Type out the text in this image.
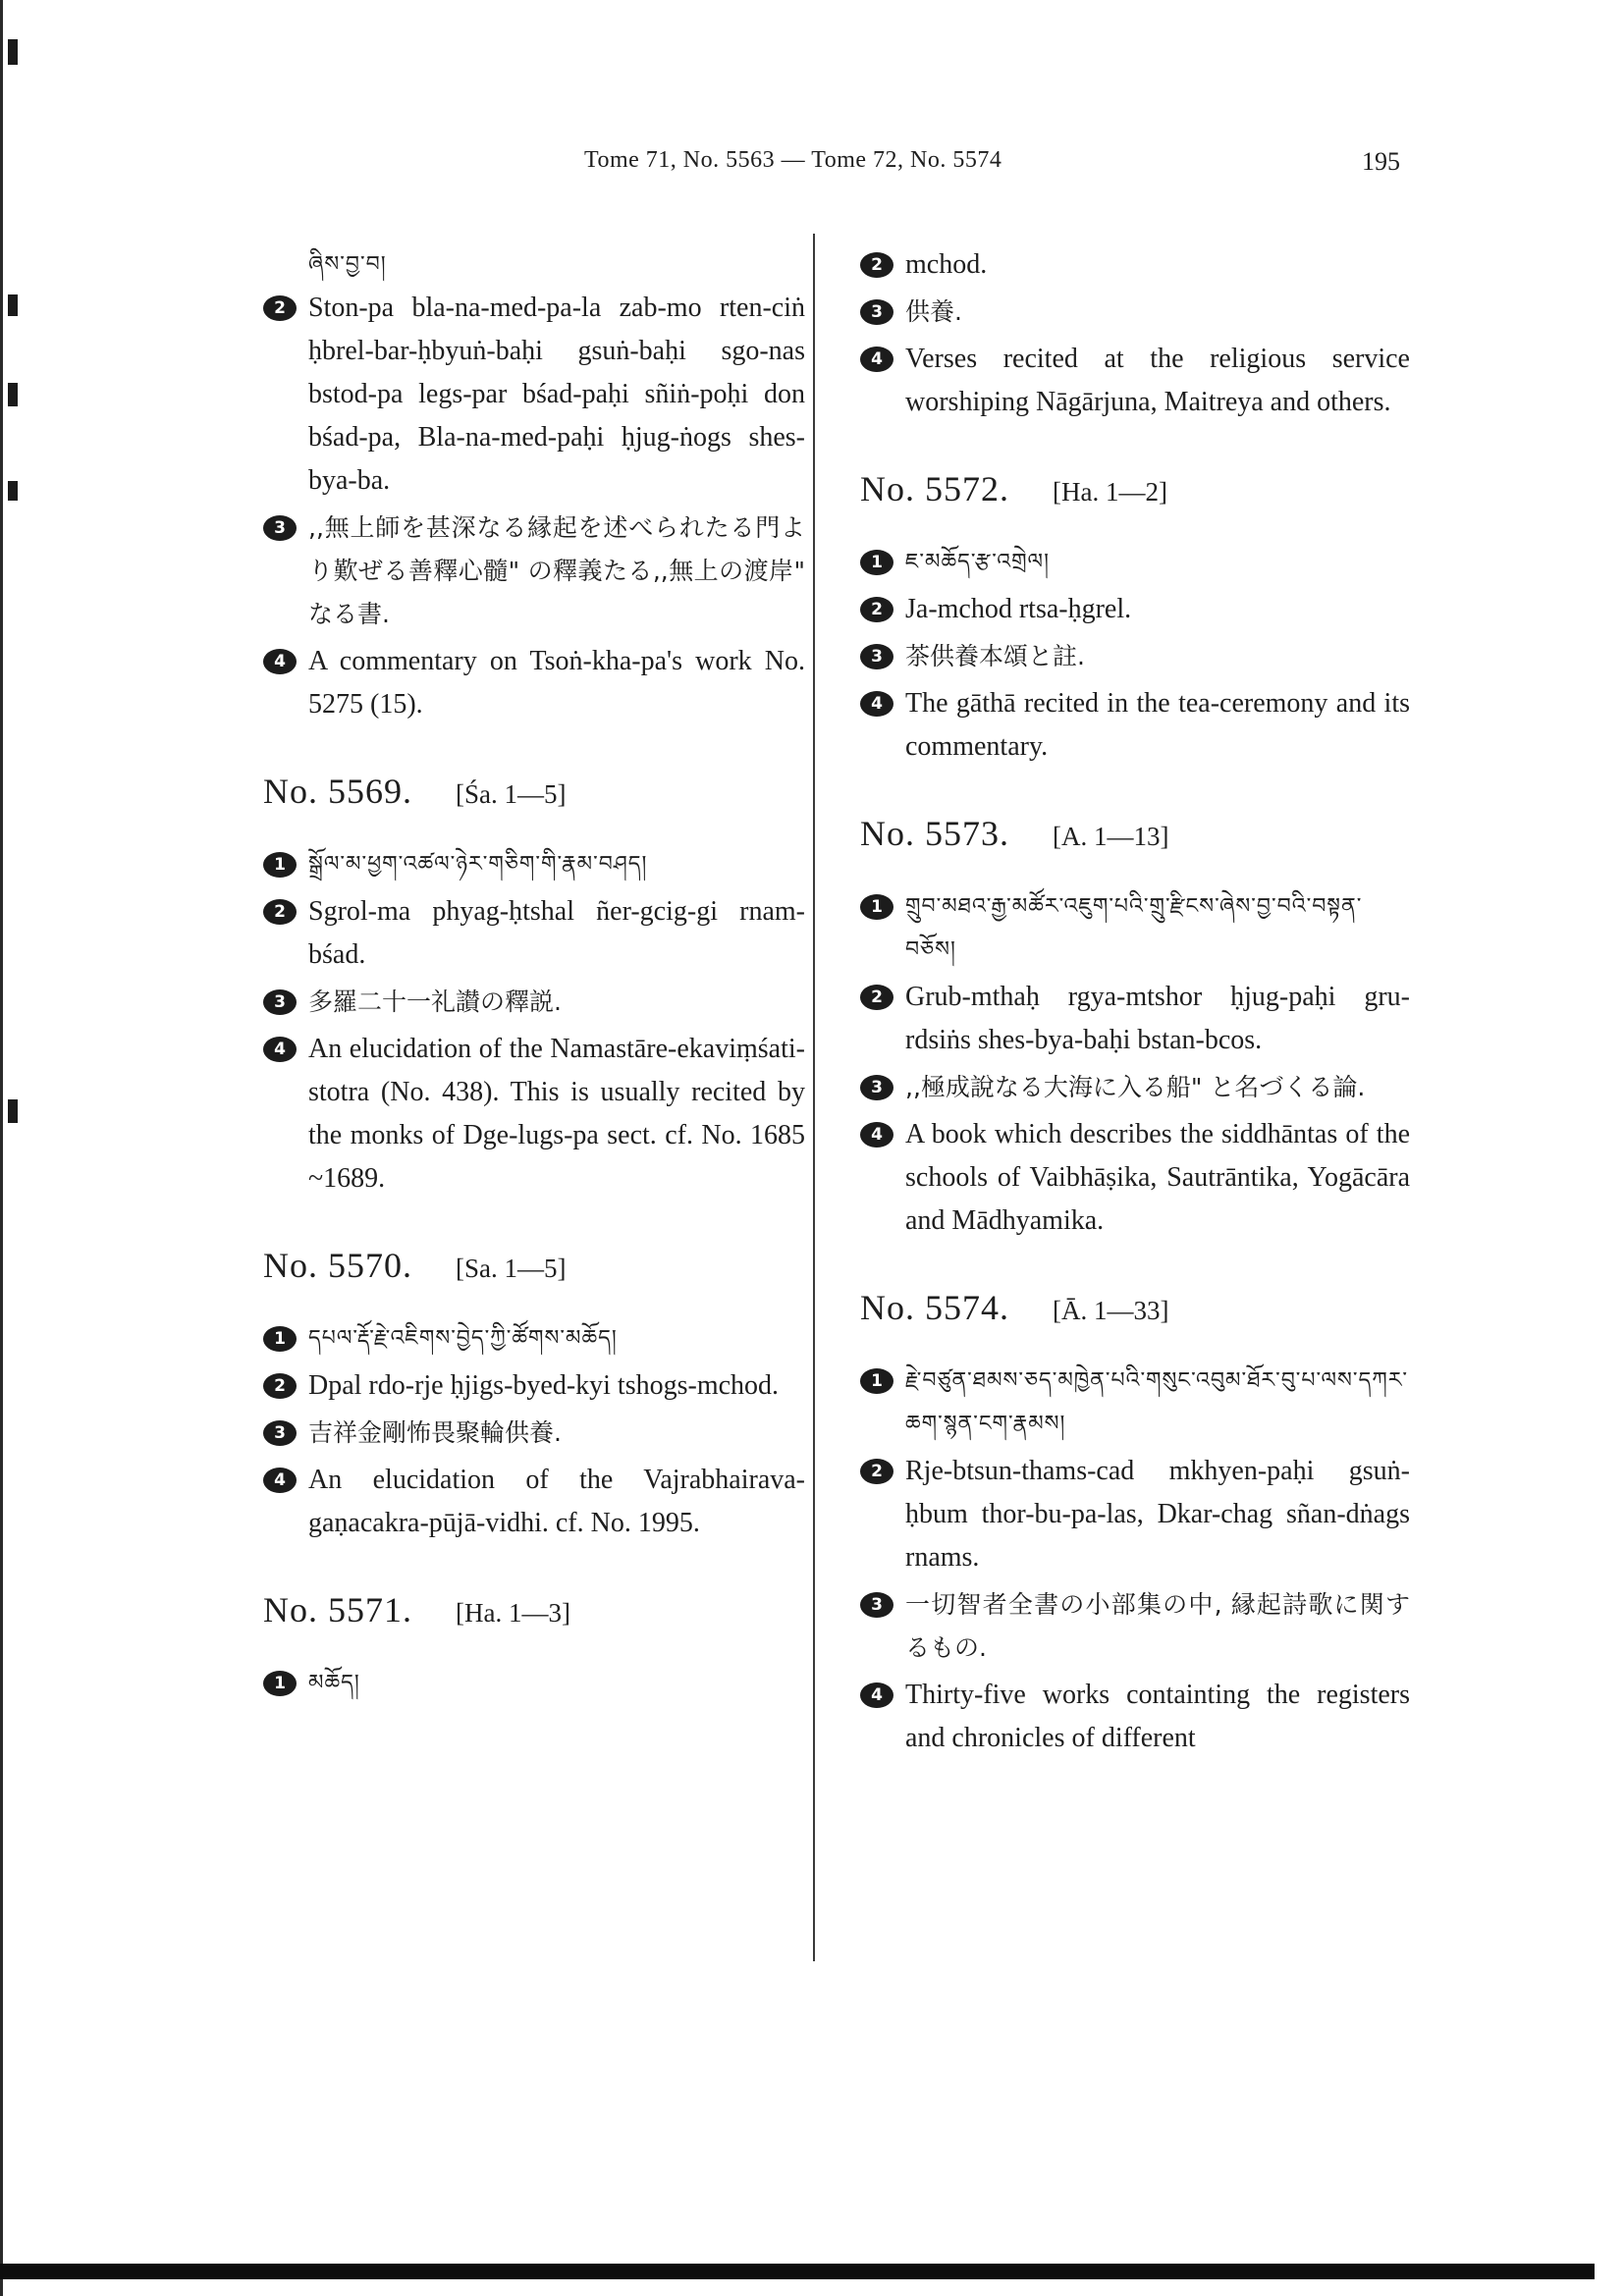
Tome 71, No. 5563 — Tome 72, No. 5574	195
ཞིས་བྱ་བ།
2 Ston-pa bla-na-med-pa-la zab-mo rten-ciṅ ḥbrel-bar-ḥbyuṅ-baḥi gsuṅ-baḥi sgo-nas bstod-pa legs-par bśad-paḥi sñiṅ-poḥi don bśad-pa, Bla-na-med-paḥi ḥjug-ṅogs shes-bya-ba.
3 ,,無上師を甚深なる縁起を述べられたる門より歎ぜる善釋心髓" の釋義たる,,無上の渡岸" なる書.
4 A commentary on Tsoṅ-kha-pa's work No. 5275 (15).
No. 5569. [Śa. 1—5]
1	སྒྲོལ་མ་ཕྱག་འཚལ་ཉེར་གཅིག་གི་རྣམ་བཤད།
2 Sgrol-ma phyag-ḥtshal ñer-gcig-gi rnam-bśad.
3 多羅二十一礼讃の釋説.
4 An elucidation of the Namastāre-ekaviṃśati-stotra (No. 438). This is usually recited by the monks of Dge-lugs-pa sect. cf. No. 1685 ~1689.
No. 5570. [Sa. 1—5]
1	དཔལ་རྡོ་རྗེ་འཇིགས་བྱེད་ཀྱི་ཚོགས་མཆོད།
2 Dpal rdo-rje ḥjigs-byed-kyi tshogs-mchod.
3 吉祥金剛怖畏聚輪供養.
4 An elucidation of the Vajrabhairava-gaṇacakra-pūjā-vidhi. cf. No. 1995.
No. 5571. [Ha. 1—3]
1	མཆོད།
2 mchod.
3 供養.
4 Verses recited at the religious service worshiping Nāgārjuna, Maitreya and others.
No. 5572. [Ha. 1—2]
1	ཇ་མཆོད་རྩ་འགྲེལ།
2 Ja-mchod rtsa-ḥgrel.
3 茶供養本頌と註.
4 The gāthā recited in the tea-ceremony and its commentary.
No. 5573. [A. 1—13]
1	གྲུབ་མཐའ་རྒྱ་མཚོར་འཇུག་པའི་གྲུ་རྫིངས་ཞེས་བྱ་བའི་བསྟན་བཅོས།
2 Grub-mthaḥ rgya-mtshor ḥjug-paḥi gru-rdsiṅs shes-bya-baḥi bstan-bcos.
3 ,,極成說なる大海に入る船" と名づくる論.
4 A book which describes the siddhāntas of the schools of Vaibhāṣika, Sautrāntika, Yogācāra and Mādhyamika.
No. 5574. [Ā. 1—33]
1	རྗེ་བཙུན་ཐམས་ཅད་མཁྱེན་པའི་གསུང་འབུམ་ཐོར་བུ་པ་ལས་དཀར་ཆག་སྙན་ངག་རྣམས།
2 Rje-btsun-thams-cad mkhyen-paḥi gsuṅ-ḥbum thor-bu-pa-las, Dkar-chag sñan-dṅags rnams.
3 一切智者全書の小部集の中, 縁起詩歌に関するもの.
4 Thirty-five works containting the registers and chronicles of different
